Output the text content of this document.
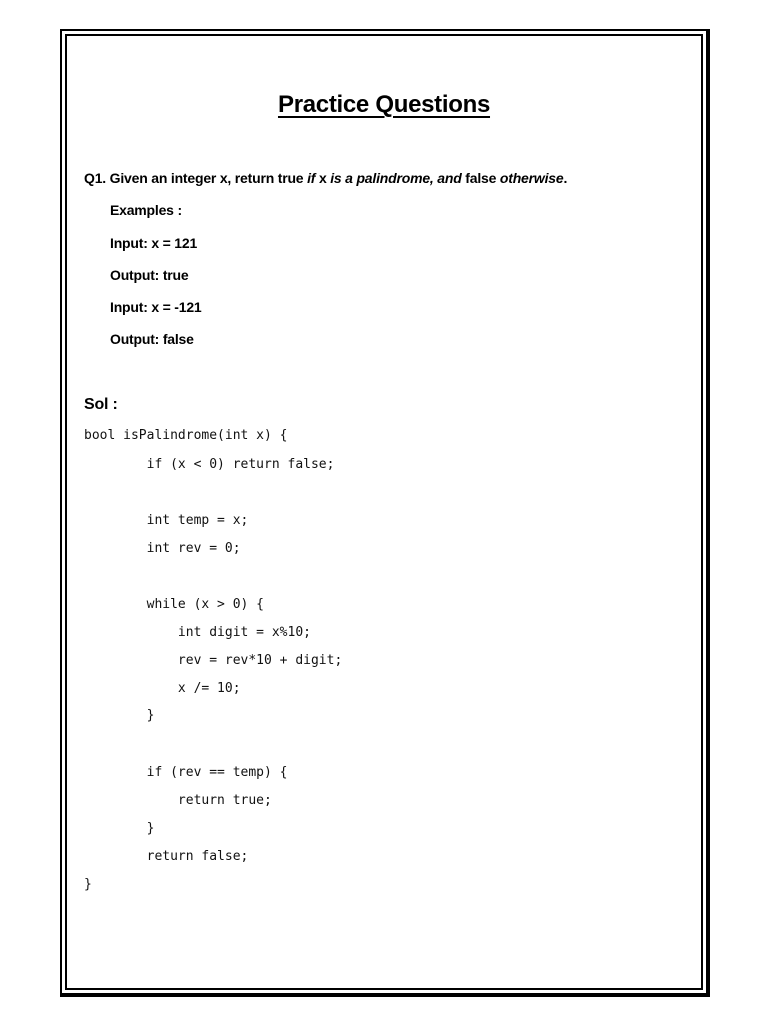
Practice Questions
Q1. Given an integer x, return true if x is a palindrome, and false otherwise.
Examples :
Input: x = 121
Output: true
Input: x = -121
Output: false
Sol :
bool isPalindrome(int x) {
if (x < 0) return false;
int temp = x;
int rev = 0;
while (x > 0) {
int digit = x%10;
rev = rev*10 + digit;
x /= 10;
}
if (rev == temp) {
return true;
}
return false;
}
